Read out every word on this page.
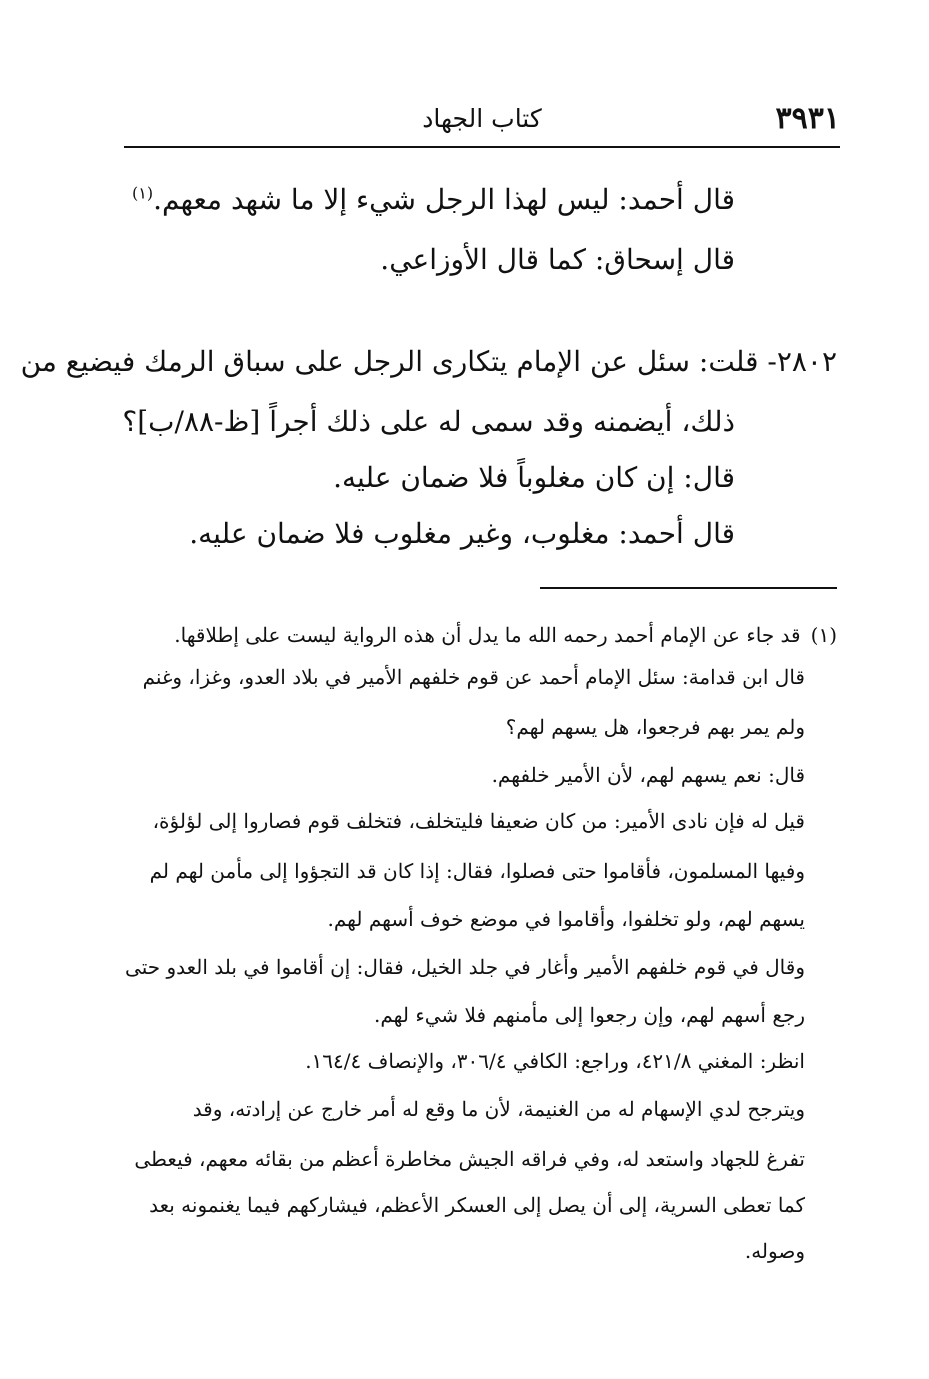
٣٩٣١
كتاب الجهاد
قال أحمد: ليس لهذا الرجل شيء إلا ما شهد معهم.$^{(١)}$
قال إسحاق: كما قال الأوزاعي.
٢٨٠٢- قلت: سئل عن الإمام يتكارى الرجل على سباق الرمك فيضيع من
ذلك، أيضمنه وقد سمى له على ذلك أجراً [ظ-٨٨/ب]؟
قال: إن كان مغلوباً فلا ضمان عليه.
قال أحمد: مغلوب، وغير مغلوب فلا ضمان عليه.
(١)قد جاء عن الإمام أحمد رحمه الله ما يدل أن هذه الرواية ليست على إطلاقها.
قال ابن قدامة: سئل الإمام أحمد عن قوم خلفهم الأمير في بلاد العدو، وغزا، وغنم
ولم يمر بهم فرجعوا، هل يسهم لهم؟
قال: نعم يسهم لهم، لأن الأمير خلفهم.
قيل له فإن نادى الأمير: من كان ضعيفا فليتخلف، فتخلف قوم فصاروا إلى لؤلؤة،
وفيها المسلمون، فأقاموا حتى فصلوا، فقال: إذا كان قد التجؤوا إلى مأمن لهم لم
يسهم لهم، ولو تخلفوا، وأقاموا في موضع خوف أسهم لهم.
وقال في قوم خلفهم الأمير وأغار في جلد الخيل، فقال: إن أقاموا في بلد العدو حتى
رجع أسهم لهم، وإن رجعوا إلى مأمنهم فلا شيء لهم.
انظر: المغني ٤٢١/٨، وراجع: الكافي ٣٠٦/٤، والإنصاف ١٦٤/٤.
ويترجح لدي الإسهام له من الغنيمة، لأن ما وقع له أمر خارج عن إرادته، وقد
تفرغ للجهاد واستعد له، وفي فراقه الجيش مخاطرة أعظم من بقائه معهم، فيعطى
كما تعطى السرية، إلى أن يصل إلى العسكر الأعظم، فيشاركهم فيما يغنمونه بعد
وصوله.
